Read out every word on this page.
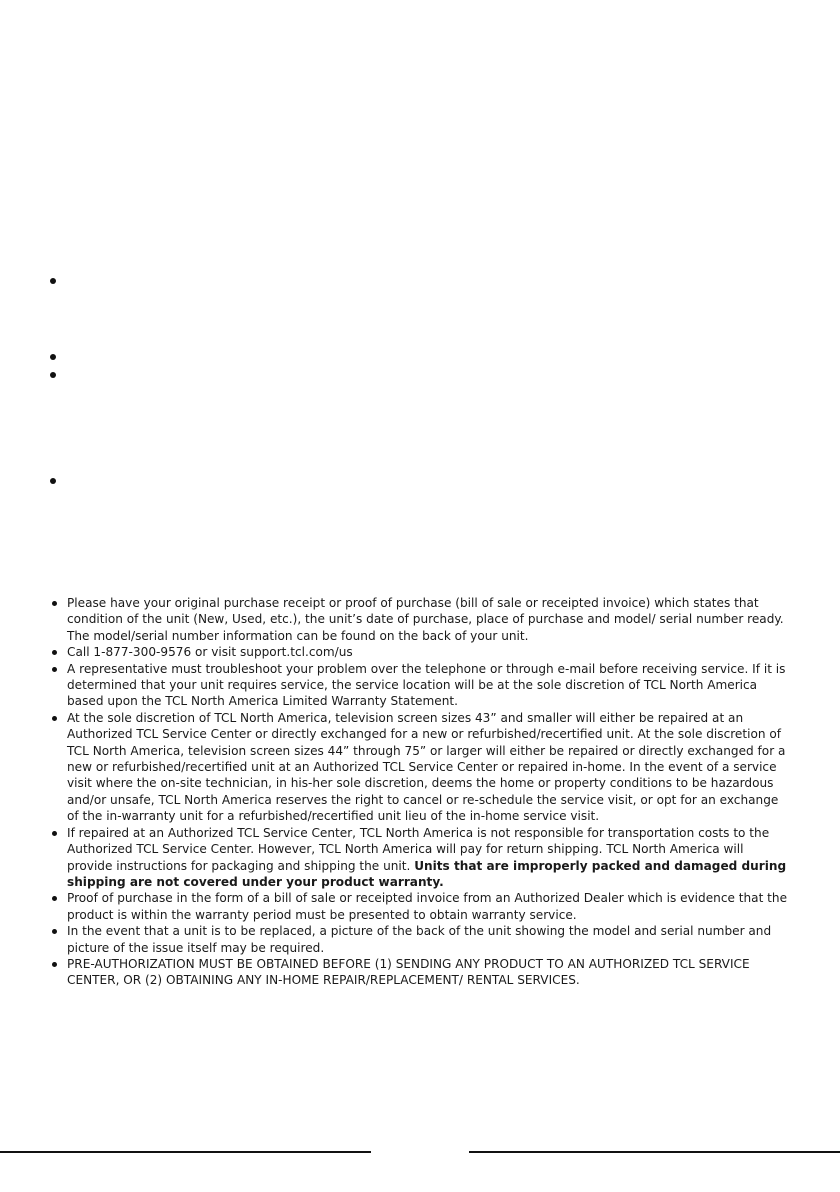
Please have your original purchase receipt or proof of purchase (bill of sale or receipted invoice) which states that condition of the unit (New, Used, etc.), the unit’s date of purchase, place of purchase and model/ serial number ready. The model/serial number information can be found on the back of your unit.
Call 1-877-300-9576 or visit support.tcl.com/us
A representative must troubleshoot your problem over the telephone or through e-mail before receiving service. If it is determined that your unit requires service, the service location will be at the sole discretion of TCL North America based upon the TCL North America Limited Warranty Statement.
At the sole discretion of TCL North America, television screen sizes 43” and smaller will either be repaired at an Authorized TCL Service Center or directly exchanged for a new or refurbished/recertified unit. At the sole discretion of TCL North America, television screen sizes 44” through 75” or larger will either be repaired or directly exchanged for a new or refurbished/recertified unit at an Authorized TCL Service Center or repaired in-home. In the event of a service visit where the on-site technician, in his-her sole discretion, deems the home or property conditions to be hazardous and/or unsafe, TCL North America reserves the right to cancel or re-schedule the service visit, or opt for an exchange of the in-warranty unit for a refurbished/recertified unit lieu of the in-home service visit.
If repaired at an Authorized TCL Service Center, TCL North America is not responsible for transportation costs to the Authorized TCL Service Center. However, TCL North America will pay for return shipping. TCL North America will provide instructions for packaging and shipping the unit. Units that are improperly packed and damaged during shipping are not covered under your product warranty.
Proof of purchase in the form of a bill of sale or receipted invoice from an Authorized Dealer which is evidence that the product is within the warranty period must be presented to obtain warranty service.
In the event that a unit is to be replaced, a picture of the back of the unit showing the model and serial number and picture of the issue itself may be required.
PRE-AUTHORIZATION MUST BE OBTAINED BEFORE (1) SENDING ANY PRODUCT TO AN AUTHORIZED TCL SERVICE CENTER, OR (2) OBTAINING ANY IN-HOME REPAIR/REPLACEMENT/ RENTAL SERVICES.
